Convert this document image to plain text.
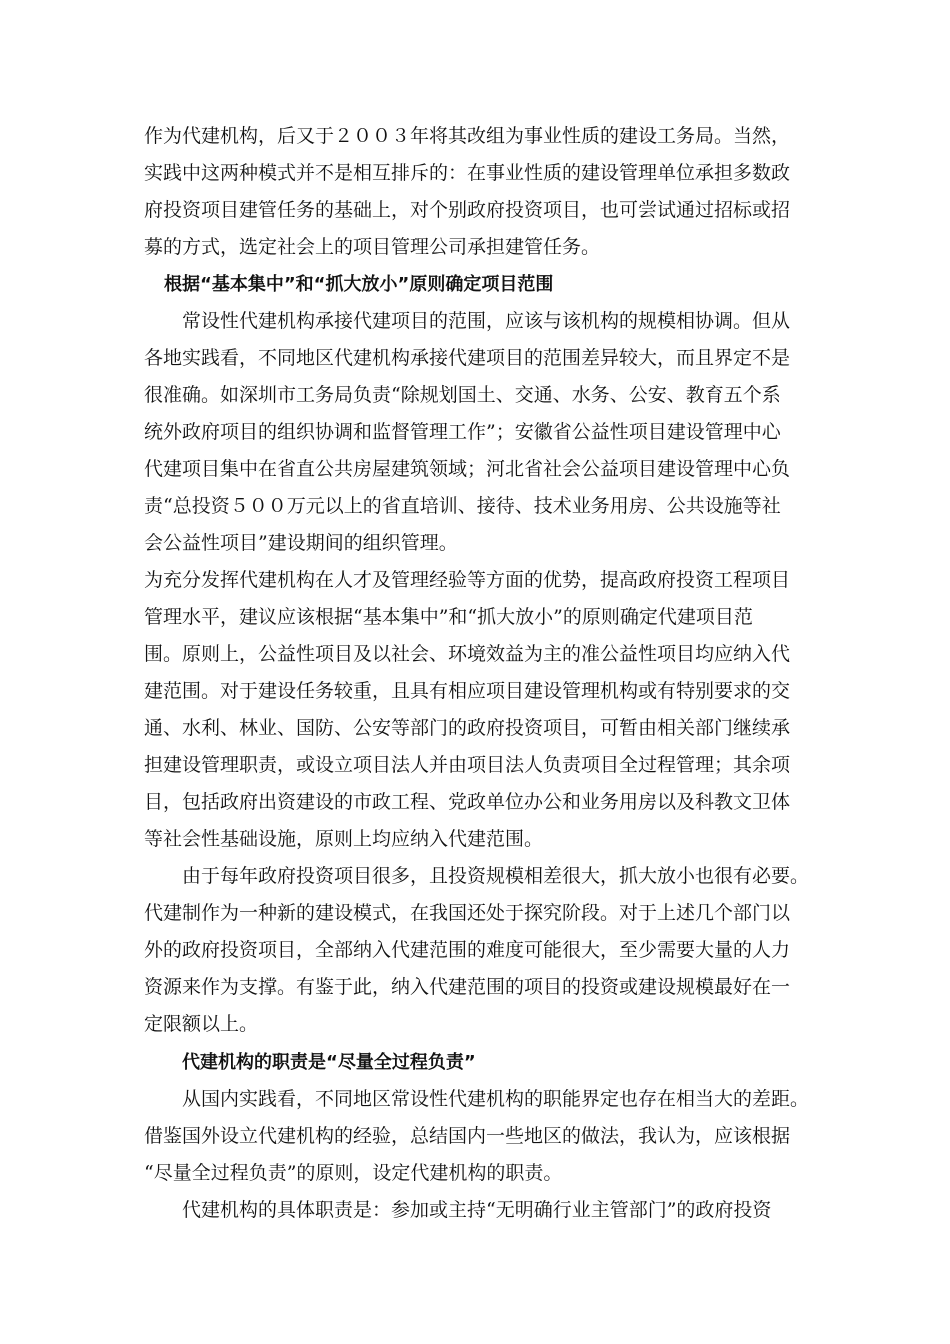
作为代建机构，后又于２００３年将其改组为事业性质的建设工务局。当然，
实践中这两种模式并不是相互排斥的：在事业性质的建设管理单位承担多数政
府投资项目建管任务的基础上，对个别政府投资项目，也可尝试通过招标或招
募的方式，选定社会上的项目管理公司承担建管任务。
根据“基本集中”和“抓大放小”原则确定项目范围
常设性代建机构承接代建项目的范围，应该与该机构的规模相协调。但从
各地实践看，不同地区代建机构承接代建项目的范围差异较大，而且界定不是
很准确。如深圳市工务局负责“除规划国土、交通、水务、公安、教育五个系
统外政府项目的组织协调和监督管理工作”；安徽省公益性项目建设管理中心
代建项目集中在省直公共房屋建筑领域；河北省社会公益项目建设管理中心负
责“总投资５００万元以上的省直培训、接待、技术业务用房、公共设施等社
会公益性项目”建设期间的组织管理。
为充分发挥代建机构在人才及管理经验等方面的优势，提高政府投资工程项目
管理水平，建议应该根据“基本集中”和“抓大放小”的原则确定代建项目范
围。原则上，公益性项目及以社会、环境效益为主的准公益性项目均应纳入代
建范围。对于建设任务较重，且具有相应项目建设管理机构或有特别要求的交
通、水利、林业、国防、公安等部门的政府投资项目，可暂由相关部门继续承
担建设管理职责，或设立项目法人并由项目法人负责项目全过程管理；其余项
目，包括政府出资建设的市政工程、党政单位办公和业务用房以及科教文卫体
等社会性基础设施，原则上均应纳入代建范围。
由于每年政府投资项目很多，且投资规模相差很大，抓大放小也很有必要。
代建制作为一种新的建设模式，在我国还处于探究阶段。对于上述几个部门以
外的政府投资项目，全部纳入代建范围的难度可能很大，至少需要大量的人力
资源来作为支撑。有鉴于此，纳入代建范围的项目的投资或建设规模最好在一
定限额以上。
代建机构的职责是“尽量全过程负责”
从国内实践看，不同地区常设性代建机构的职能界定也存在相当大的差距。
借鉴国外设立代建机构的经验，总结国内一些地区的做法，我认为，应该根据
“尽量全过程负责”的原则，设定代建机构的职责。
代建机构的具体职责是：参加或主持“无明确行业主管部门”的政府投资
